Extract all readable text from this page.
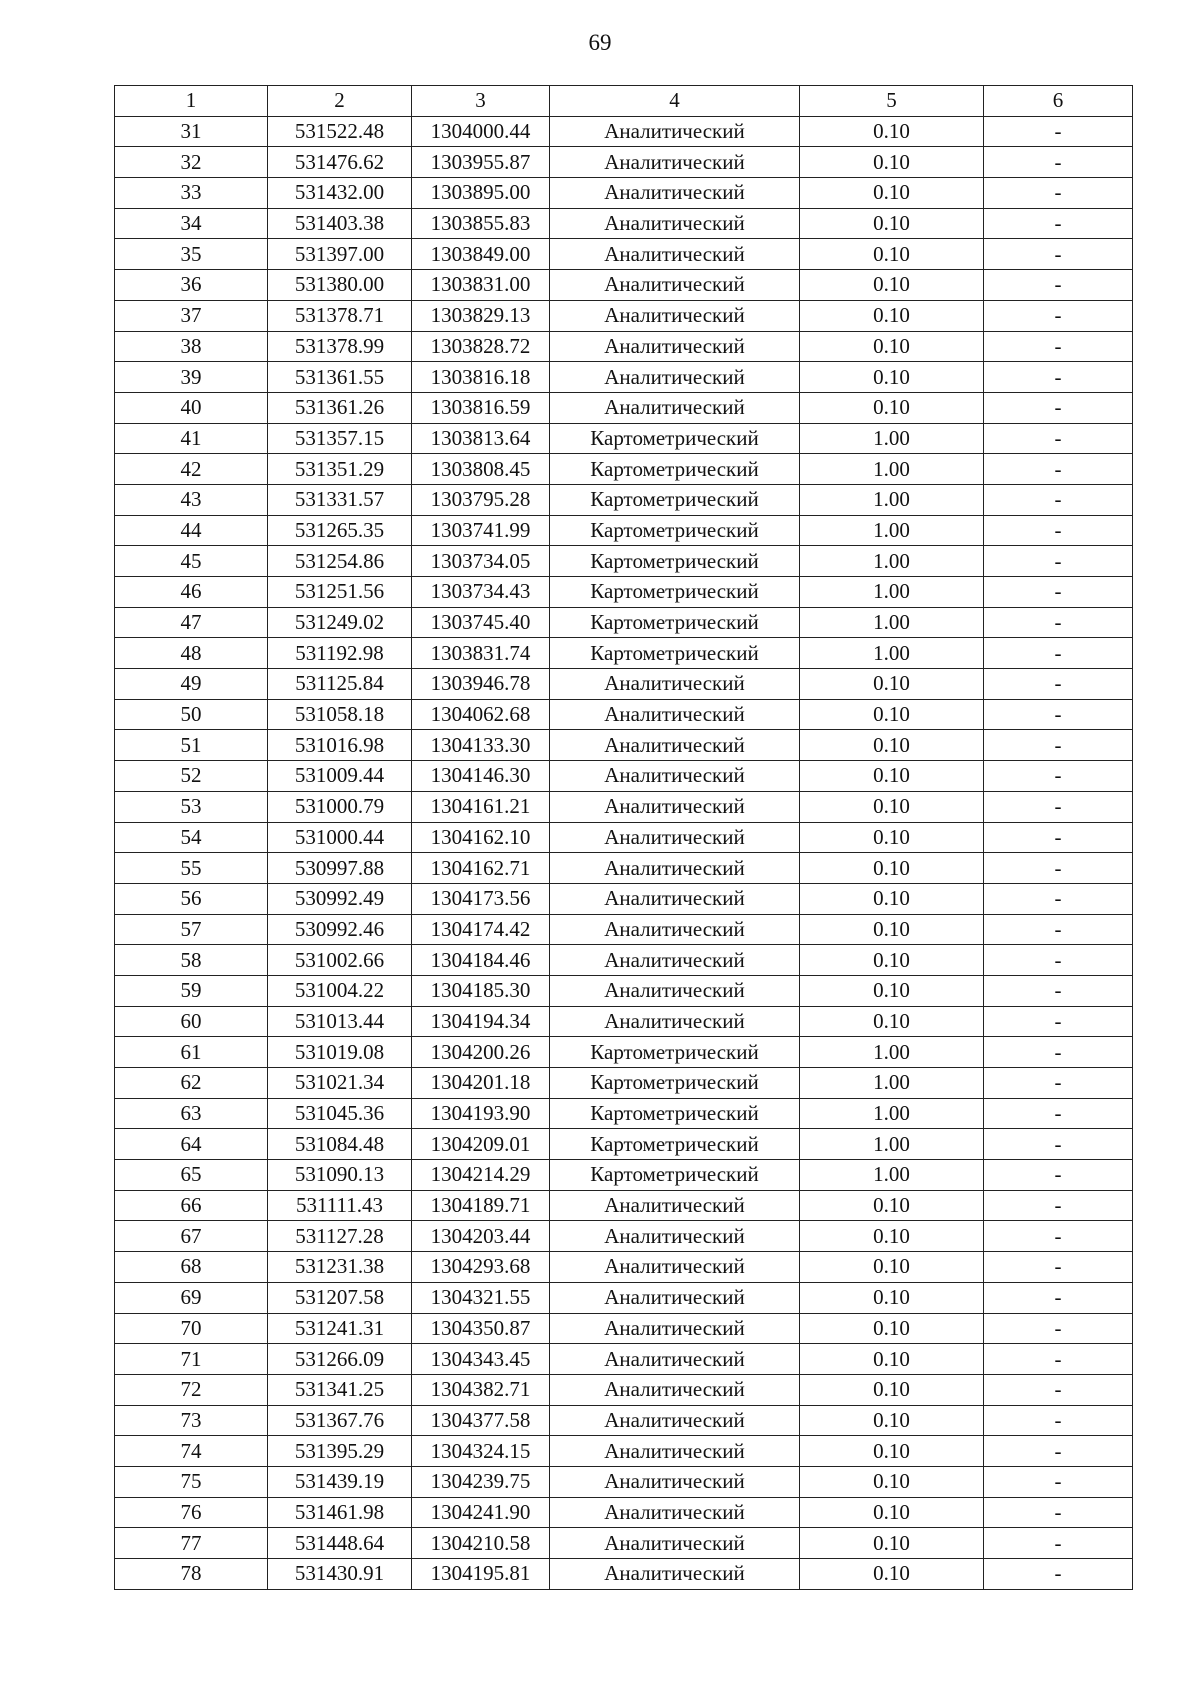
69
1	2	3	4	5	6
31	531522.48	1304000.44	Аналитический	0.10	-
32	531476.62	1303955.87	Аналитический	0.10	-
33	531432.00	1303895.00	Аналитический	0.10	-
34	531403.38	1303855.83	Аналитический	0.10	-
35	531397.00	1303849.00	Аналитический	0.10	-
36	531380.00	1303831.00	Аналитический	0.10	-
37	531378.71	1303829.13	Аналитический	0.10	-
38	531378.99	1303828.72	Аналитический	0.10	-
39	531361.55	1303816.18	Аналитический	0.10	-
40	531361.26	1303816.59	Аналитический	0.10	-
41	531357.15	1303813.64	Картометрический	1.00	-
42	531351.29	1303808.45	Картометрический	1.00	-
43	531331.57	1303795.28	Картометрический	1.00	-
44	531265.35	1303741.99	Картометрический	1.00	-
45	531254.86	1303734.05	Картометрический	1.00	-
46	531251.56	1303734.43	Картометрический	1.00	-
47	531249.02	1303745.40	Картометрический	1.00	-
48	531192.98	1303831.74	Картометрический	1.00	-
49	531125.84	1303946.78	Аналитический	0.10	-
50	531058.18	1304062.68	Аналитический	0.10	-
51	531016.98	1304133.30	Аналитический	0.10	-
52	531009.44	1304146.30	Аналитический	0.10	-
53	531000.79	1304161.21	Аналитический	0.10	-
54	531000.44	1304162.10	Аналитический	0.10	-
55	530997.88	1304162.71	Аналитический	0.10	-
56	530992.49	1304173.56	Аналитический	0.10	-
57	530992.46	1304174.42	Аналитический	0.10	-
58	531002.66	1304184.46	Аналитический	0.10	-
59	531004.22	1304185.30	Аналитический	0.10	-
60	531013.44	1304194.34	Аналитический	0.10	-
61	531019.08	1304200.26	Картометрический	1.00	-
62	531021.34	1304201.18	Картометрический	1.00	-
63	531045.36	1304193.90	Картометрический	1.00	-
64	531084.48	1304209.01	Картометрический	1.00	-
65	531090.13	1304214.29	Картометрический	1.00	-
66	531111.43	1304189.71	Аналитический	0.10	-
67	531127.28	1304203.44	Аналитический	0.10	-
68	531231.38	1304293.68	Аналитический	0.10	-
69	531207.58	1304321.55	Аналитический	0.10	-
70	531241.31	1304350.87	Аналитический	0.10	-
71	531266.09	1304343.45	Аналитический	0.10	-
72	531341.25	1304382.71	Аналитический	0.10	-
73	531367.76	1304377.58	Аналитический	0.10	-
74	531395.29	1304324.15	Аналитический	0.10	-
75	531439.19	1304239.75	Аналитический	0.10	-
76	531461.98	1304241.90	Аналитический	0.10	-
77	531448.64	1304210.58	Аналитический	0.10	-
78	531430.91	1304195.81	Аналитический	0.10	-
